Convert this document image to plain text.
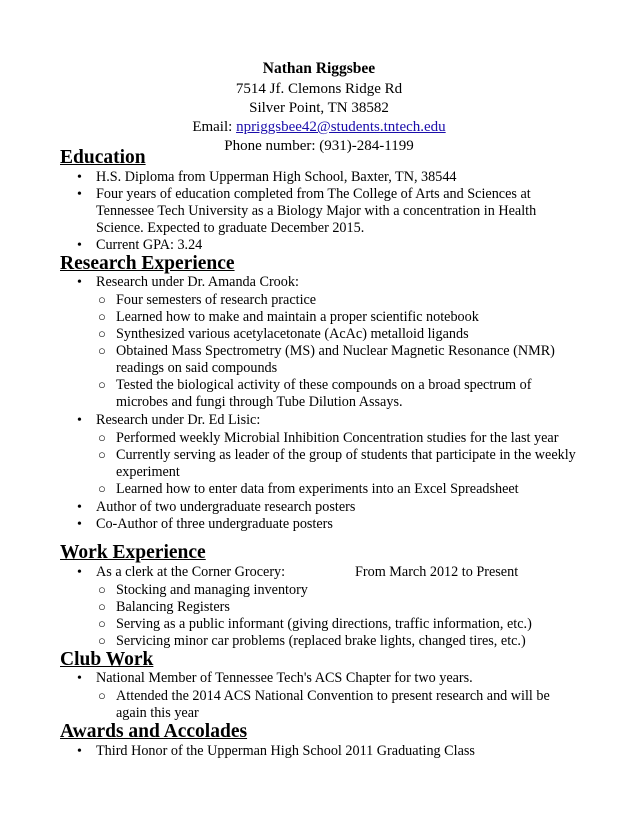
Nathan Riggsbee
7514 Jf. Clemons Ridge Rd
Silver Point, TN 38582
Email: npriggsbee42@students.tntech.edu
Phone number: (931)-284-1199
Education
• H.S. Diploma from Upperman High School, Baxter, TN, 38544
• Four years of education completed from The College of Arts and Sciences at Tennessee Tech University as a Biology Major with a concentration in Health Science. Expected to graduate December 2015.
• Current GPA: 3.24
Research Experience
• Research under Dr. Amanda Crook:
○ Four semesters of research practice
○ Learned how to make and maintain a proper scientific notebook
○ Synthesized various acetylacetonate (AcAc) metalloid ligands
○ Obtained Mass Spectrometry (MS) and Nuclear Magnetic Resonance (NMR) readings on said compounds
○ Tested the biological activity of these compounds on a broad spectrum of microbes and fungi through Tube Dilution Assays.
• Research under Dr. Ed Lisic:
○ Performed weekly Microbial Inhibition Concentration studies for the last year
○ Currently serving as leader of the group of students that participate in the weekly experiment
○ Learned how to enter data from experiments into an Excel Spreadsheet
• Author of two undergraduate research posters
• Co-Author of three undergraduate posters
Work Experience
• As a clerk at the Corner Grocery:	From March 2012 to Present
○ Stocking and managing inventory
○ Balancing Registers
○ Serving as a public informant (giving directions, traffic information, etc.)
○ Servicing minor car problems (replaced brake lights, changed tires, etc.)
Club Work
• National Member of Tennessee Tech's ACS Chapter for two years.
○ Attended the 2014 ACS National Convention to present research and will be again this year
Awards and Accolades
• Third Honor of the Upperman High School 2011 Graduating Class
